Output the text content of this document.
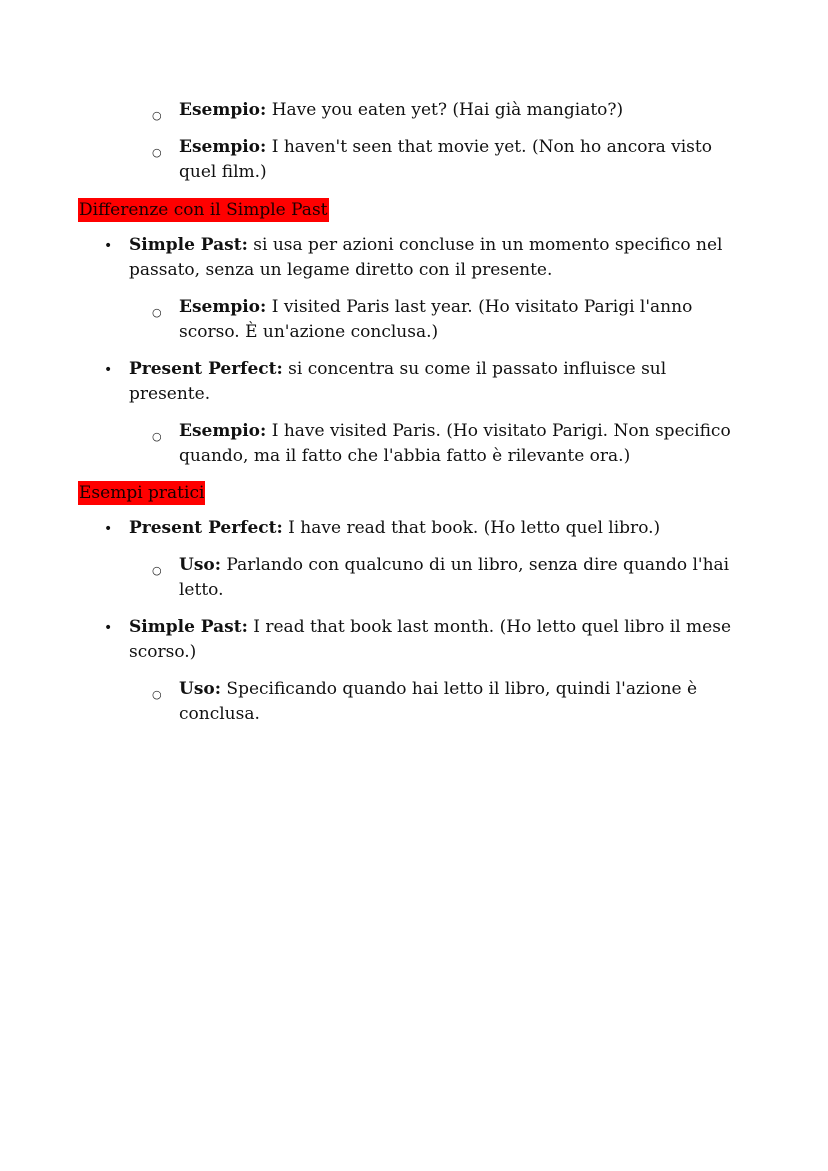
○ Esempio: Have you eaten yet? (Hai già mangiato?)

○ Esempio: I haven't seen that movie yet. (Non ho ancora visto

quel film.)

Differenze con il Simple Past
• Simple Past: si usa per azioni concluse in un momento specifico nel

passato, senza un legame diretto con il presente.

○ Esempio: I visited Paris last year. (Ho visitato Parigi l'anno

scorso. È un'azione conclusa.)

• Present Perfect: si concentra su come il passato influisce sul

presente.

○ Esempio: I have visited Paris. (Ho visitato Parigi. Non specifico

quando, ma il fatto che l'abbia fatto è rilevante ora.)

Esempi pratici
• Present Perfect: I have read that book. (Ho letto quel libro.)

○ Uso: Parlando con qualcuno di un libro, senza dire quando l'hai

letto.

• Simple Past: I read that book last month. (Ho letto quel libro il mese

scorso.)

○ Uso: Specificando quando hai letto il libro, quindi l'azione è

conclusa.
